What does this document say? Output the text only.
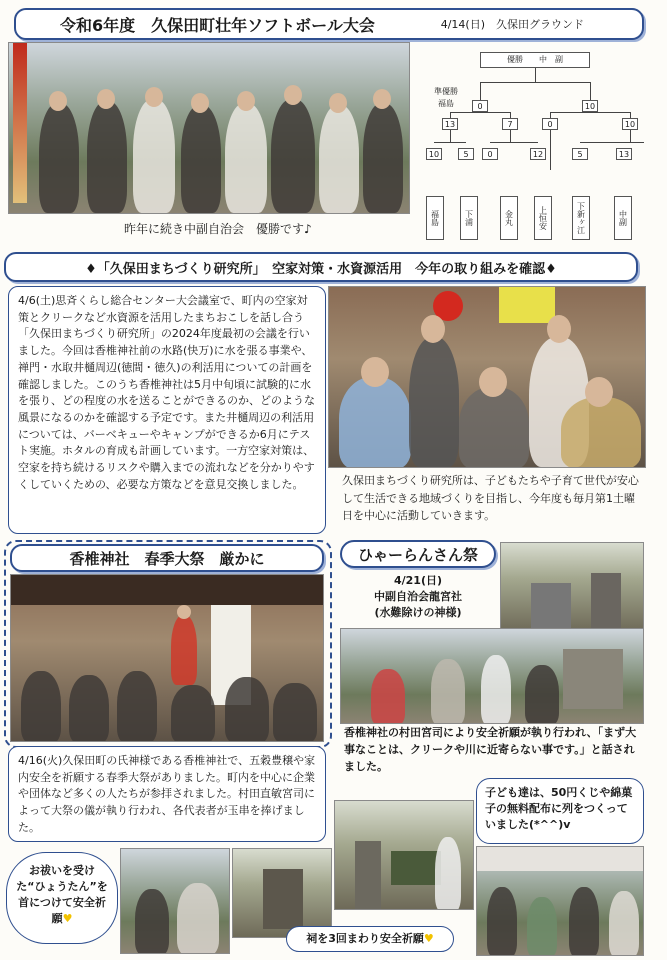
令和6年度　久保田町壮年ソフトボール大会	4/14(日)　久保田グラウンド
昨年に続き中副自治会　優勝です♪
優勝　　中　副
準優勝
福島	0	10
13	7	0	10
10	5	0	12	5	13
福島	下浦	金丸	上恒安	下新ヶ江	中副
♦「久保田まちづくり研究所」　空家対策・水資源活用　今年の取り組みを確認♦
4/6(土)思斉くらし総合センター大会議室で、町内の空家対策とクリークなど水資源を活用したまちおこしを話し合う「久保田まちづくり研究所」の2024年度最初の会議を行いました。今回は香椎神社前の水路(快万)に水を張る事業や、禅門・水取井樋周辺(徳間・徳久)の利活用についての計画を確認しました。このうち香椎神社は5月中旬頃に試験的に水を張り、どの程度の水を送ることができるのか、どのような風景になるのかを確認する予定です。また井樋周辺の利活用については、バーベキューやキャンプができるか6月にテスト実施。ホタルの育成も計画しています。一方空家対策は、空家を持ち続けるリスクや購入までの流れなどを分かりやすくしていくための、必要な方策などを意見交換しました。	久保田まちづくり研究所は、子どもたちや子育て世代が安心して生活できる地域づくりを目指し、今年度も毎月第1土曜日を中心に活動していきます。
香椎神社　春季大祭　厳かに
4/16(火)久保田町の氏神様である香椎神社で、五穀豊穣や家内安全を祈願する春季大祭がありました。町内を中心に企業や団体など多くの人たちが参拝されました。村田直敏宮司によって大祭の儀が執り行われ、各代表者が玉串を捧げました。
ひゃーらんさん祭
4/21(日)
中副自治会龍宮社
(水難除けの神様)
香椎神社の村田宮司により安全祈願が執り行われ、「まず大事なことは、クリークや川に近寄らない事です。」と話されました。
子ども達は、50円くじや綿菓子の無料配布に列をつくっていました(*^^)v
お祓いを受けた“ひょうたん”を首につけて安全祈願♥
祠を3回まわり安全祈願♥
